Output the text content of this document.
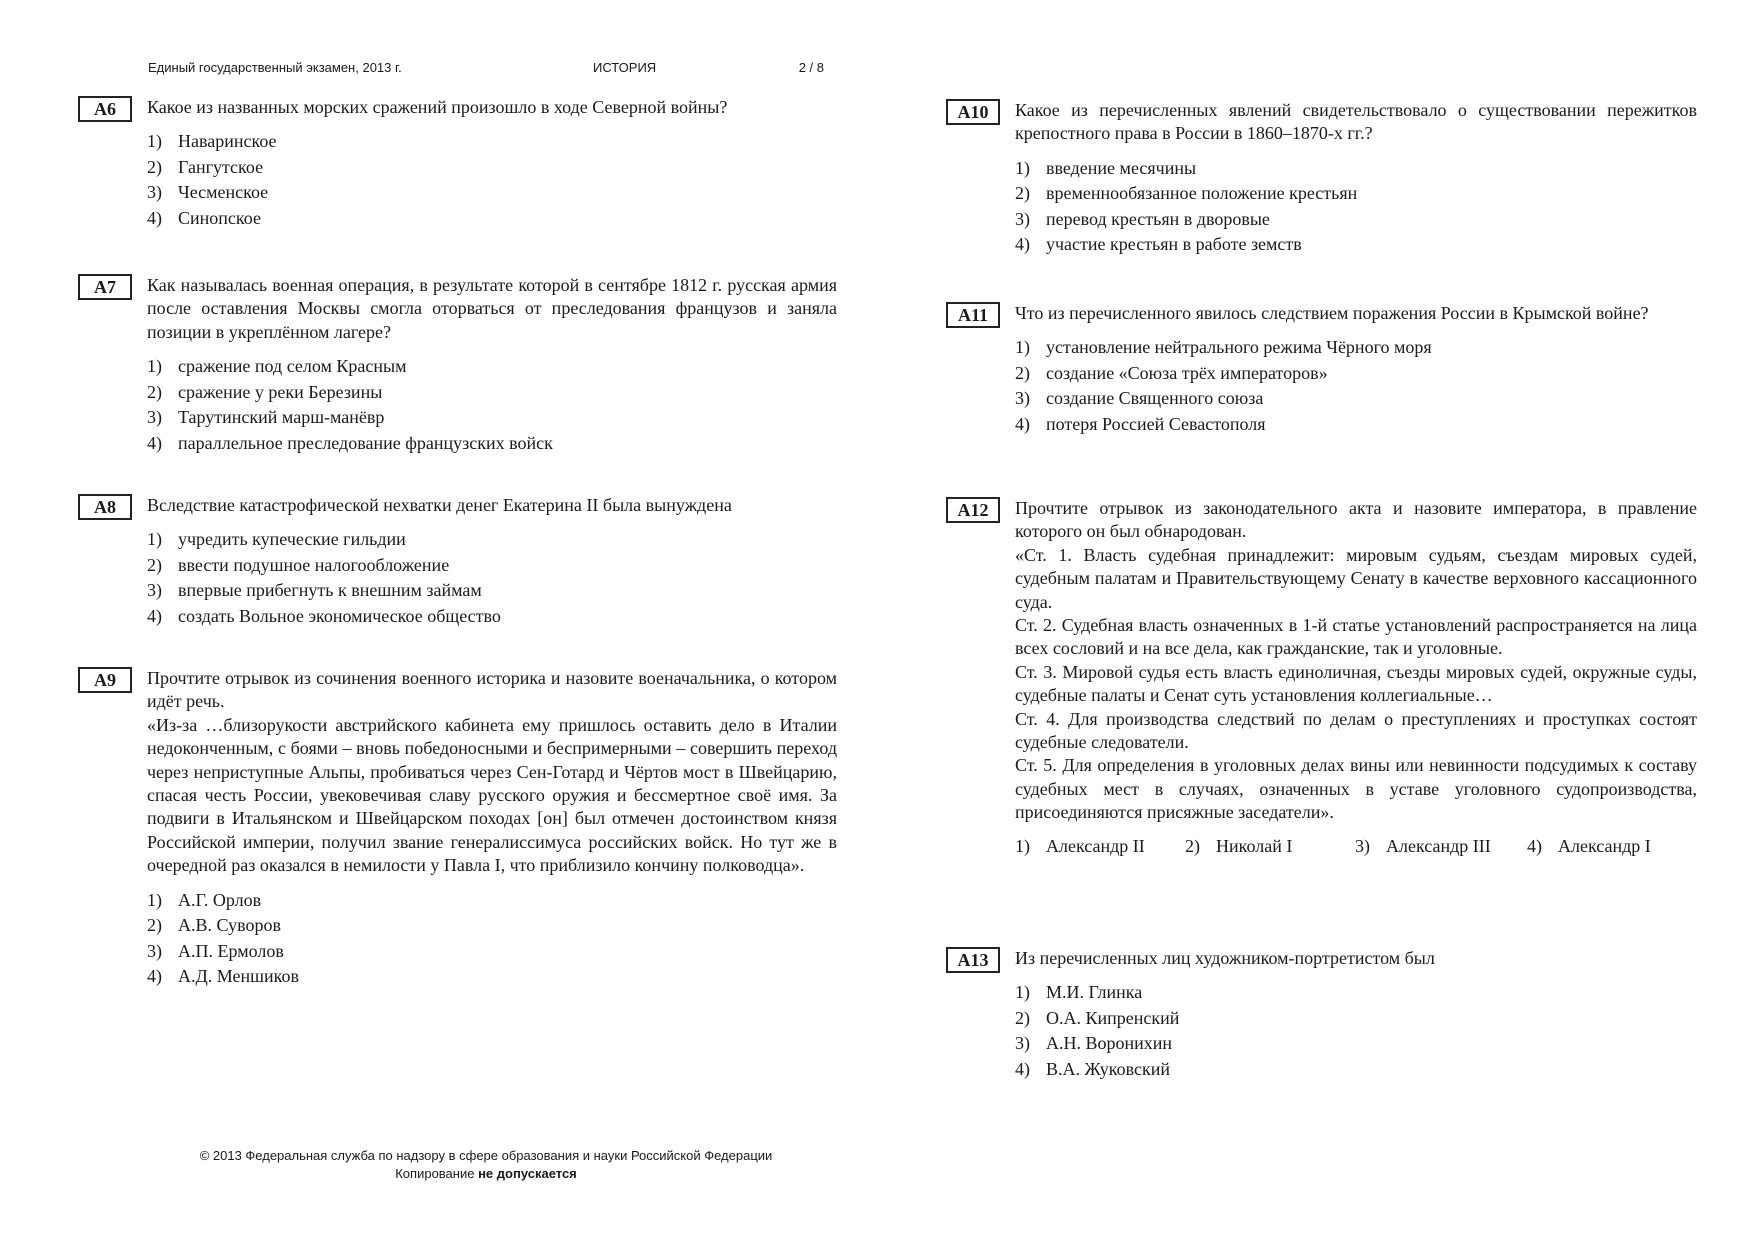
Единый государственный экзамен, 2013 г.	ИСТОРИЯ	2 / 8
А6	Какое из названных морских сражений произошло в ходе Северной войны?

1) Наваринское
2) Гангутское
3) Чесменское
4) Синопское
А7	Как называлась военная операция, в результате которой в сентябре 1812 г. русская армия после оставления Москвы смогла оторваться от преследования французов и заняла позиции в укреплённом лагере?

1) сражение под селом Красным
2) сражение у реки Березины
3) Тарутинский марш-манёвр
4) параллельное преследование французских войск
А8	Вследствие катастрофической нехватки денег Екатерина II была вынуждена

1) учредить купеческие гильдии
2) ввести подушное налогообложение
3) впервые прибегнуть к внешним займам
4) создать Вольное экономическое общество
А9	Прочтите отрывок из сочинения военного историка и назовите военачальника, о котором идёт речь.

«Из-за …близорукости австрийского кабинета ему пришлось оставить дело в Италии недоконченным, с боями – вновь победоносными и беспримерными – совершить переход через неприступные Альпы, пробиваться через Сен-Готард и Чёртов мост в Швейцарию, спасая честь России, увековечивая славу русского оружия и бессмертное своё имя. За подвиги в Итальянском и Швейцарском походах [он] был отмечен достоинством князя Российской империи, получил звание генералиссимуса российских войск. Но тут же в очередной раз оказался в немилости у Павла I, что приблизило кончину полководца».

1) А.Г. Орлов
2) А.В. Суворов
3) А.П. Ермолов
4) А.Д. Меншиков
А10	Какое из перечисленных явлений свидетельствовало о существовании пережитков крепостного права в России в 1860–1870-х гг.?

1) введение месячины
2) временнообязанное положение крестьян
3) перевод крестьян в дворовые
4) участие крестьян в работе земств
А11	Что из перечисленного явилось следствием поражения России в Крымской войне?

1) установление нейтрального режима Чёрного моря
2) создание «Союза трёх императоров»
3) создание Священного союза
4) потеря Россией Севастополя
А12	Прочтите отрывок из законодательного акта и назовите императора, в правление которого он был обнародован.

«Ст. 1. Власть судебная принадлежит: мировым судьям, съездам мировых судей, судебным палатам и Правительствующему Сенату в качестве верховного кассационного суда.

Ст. 2. Судебная власть означенных в 1-й статье установлений распространяется на лица всех сословий и на все дела, как гражданские, так и уголовные.

Ст. 3. Мировой судья есть власть единоличная, съезды мировых судей, окружные суды, судебные палаты и Сенат суть установления коллегиальные…

Ст. 4. Для производства следствий по делам о преступлениях и проступках состоят судебные следователи.

Ст. 5. Для определения в уголовных делах вины или невинности подсудимых к составу судебных мест в случаях, означенных в уставе уголовного судопроизводства, присоединяются присяжные заседатели».

1) Александр II	2) Николай I	3) Александр III	4) Александр I
А13	Из перечисленных лиц художником-портретистом был

1) М.И. Глинка
2) О.А. Кипренский
3) А.Н. Воронихин
4) В.А. Жуковский
© 2013 Федеральная служба по надзору в сфере образования и науки Российской Федерации
Копирование не допускается
